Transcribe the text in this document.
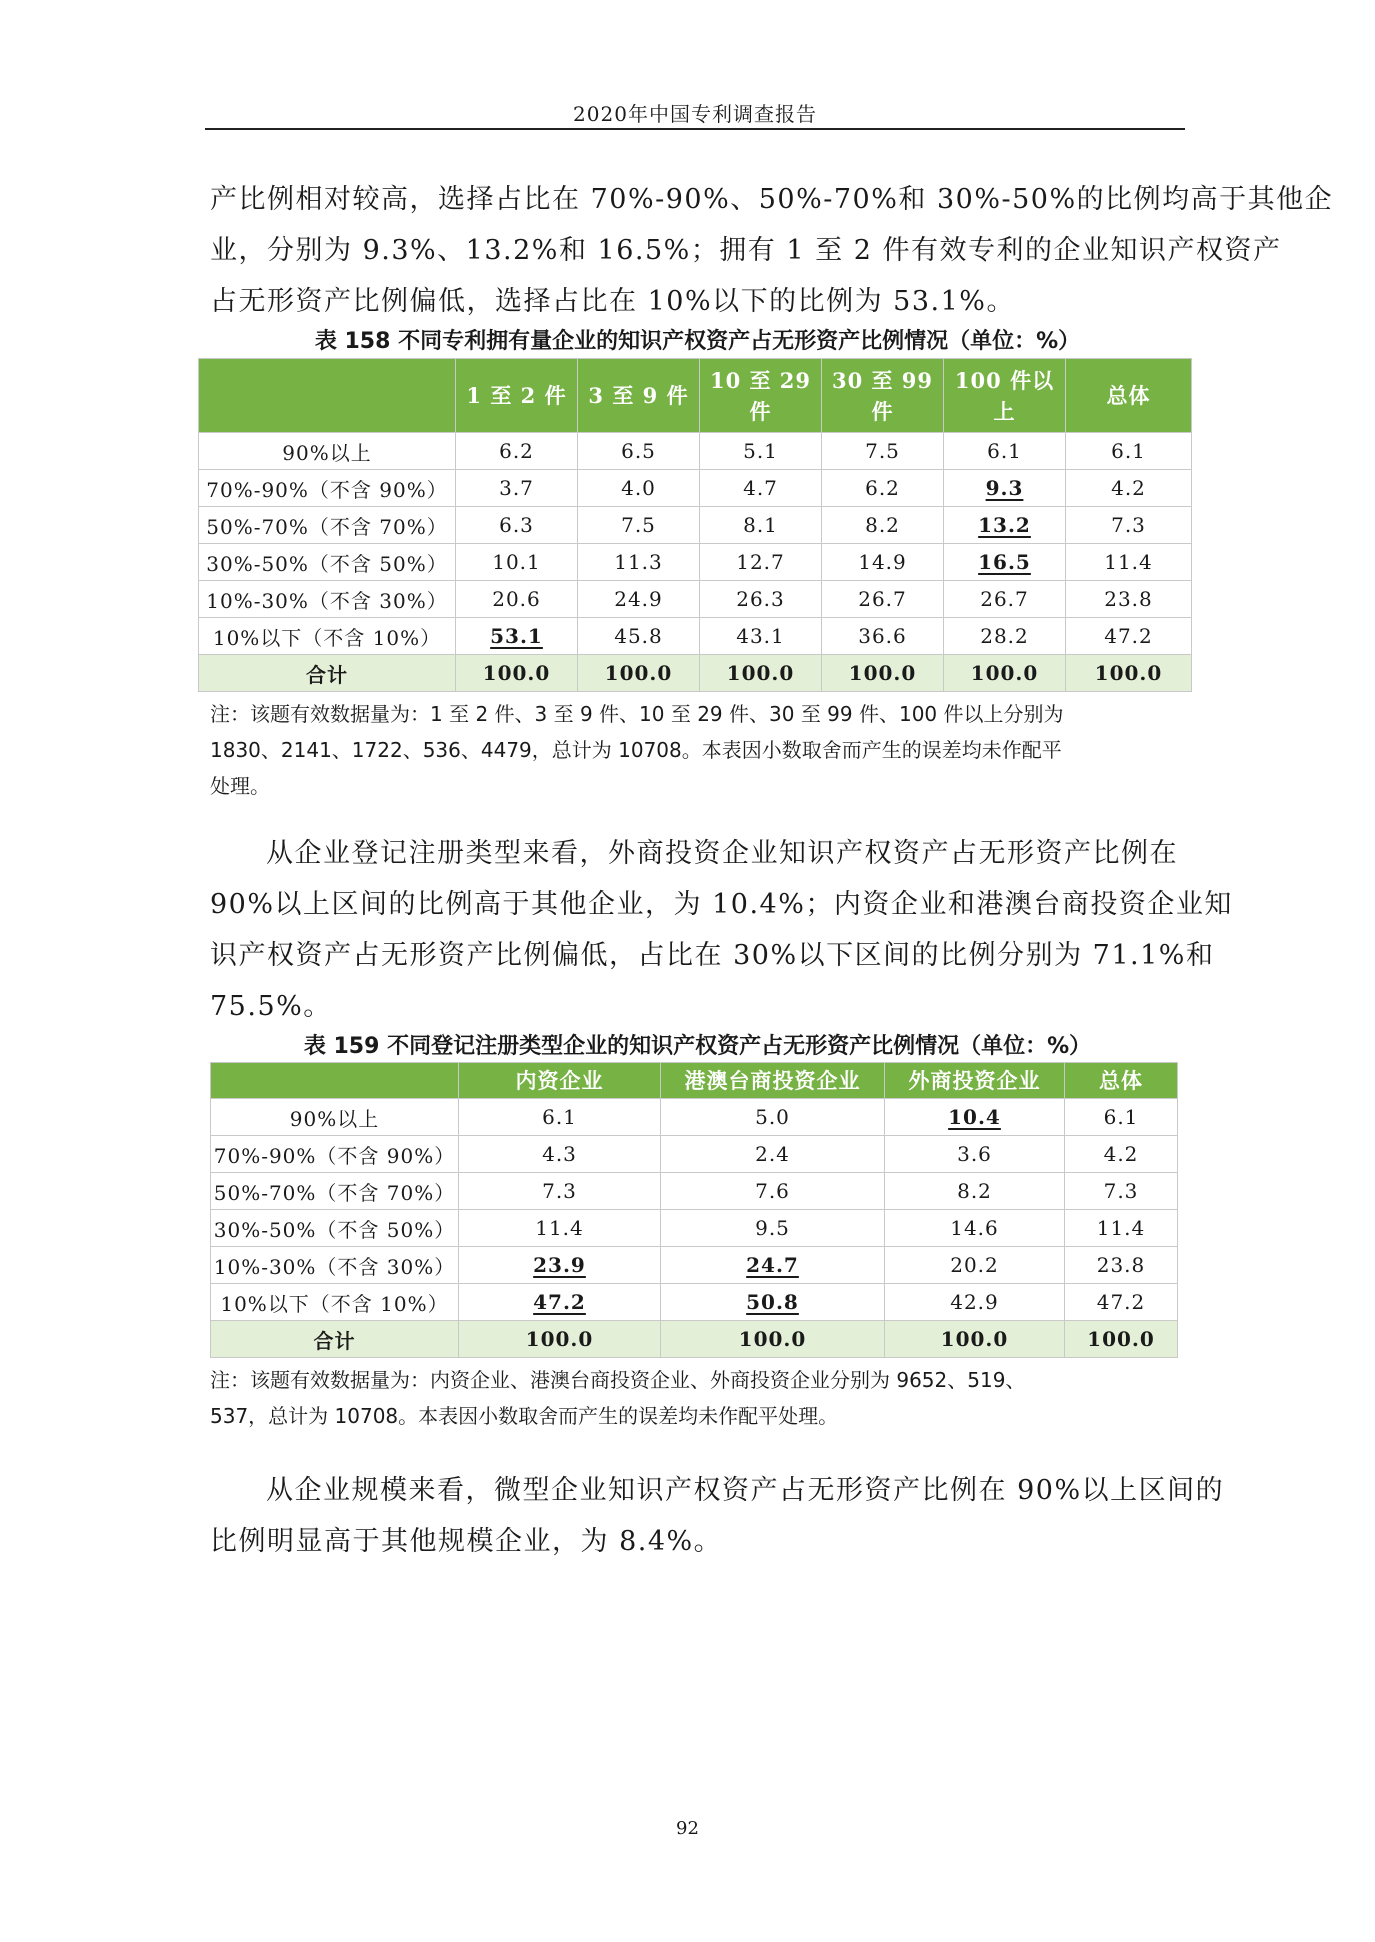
2020年中国专利调查报告

产比例相对较高，选择占比在 70%-90%、50%-70%和 30%-50%的比例均高于其他企
业，分别为 9.3%、13.2%和 16.5%；拥有 1 至 2 件有效专利的企业知识产权资产
占无形资产比例偏低，选择占比在 10%以下的比例为 53.1%。

表 158 不同专利拥有量企业的知识产权资产占无形资产比例情况（单位：%）
	1 至 2 件	3 至 9 件	10 至 29 件	30 至 99 件	100 件以上	总体
90%以上	6.2	6.5	5.1	7.5	6.1	6.1
70%-90%（不含 90%）	3.7	4.0	4.7	6.2	9.3	4.2
50%-70%（不含 70%）	6.3	7.5	8.1	8.2	13.2	7.3
30%-50%（不含 50%）	10.1	11.3	12.7	14.9	16.5	11.4
10%-30%（不含 30%）	20.6	24.9	26.3	26.7	26.7	23.8
10%以下（不含 10%）	53.1	45.8	43.1	36.6	28.2	47.2
合计	100.0	100.0	100.0	100.0	100.0	100.0

注：该题有效数据量为：1 至 2 件、3 至 9 件、10 至 29 件、30 至 99 件、100 件以上分别为
1830、2141、1722、536、4479，总计为 10708。本表因小数取舍而产生的误差均未作配平
处理。

从企业登记注册类型来看，外商投资企业知识产权资产占无形资产比例在
90%以上区间的比例高于其他企业，为 10.4%；内资企业和港澳台商投资企业知
识产权资产占无形资产比例偏低，占比在 30%以下区间的比例分别为 71.1%和
75.5%。

表 159 不同登记注册类型企业的知识产权资产占无形资产比例情况（单位：%）
	内资企业	港澳台商投资企业	外商投资企业	总体
90%以上	6.1	5.0	10.4	6.1
70%-90%（不含 90%）	4.3	2.4	3.6	4.2
50%-70%（不含 70%）	7.3	7.6	8.2	7.3
30%-50%（不含 50%）	11.4	9.5	14.6	11.4
10%-30%（不含 30%）	23.9	24.7	20.2	23.8
10%以下（不含 10%）	47.2	50.8	42.9	47.2
合计	100.0	100.0	100.0	100.0

注：该题有效数据量为：内资企业、港澳台商投资企业、外商投资企业分别为 9652、519、
537，总计为 10708。本表因小数取舍而产生的误差均未作配平处理。

从企业规模来看，微型企业知识产权资产占无形资产比例在 90%以上区间的
比例明显高于其他规模企业，为 8.4%。

92
